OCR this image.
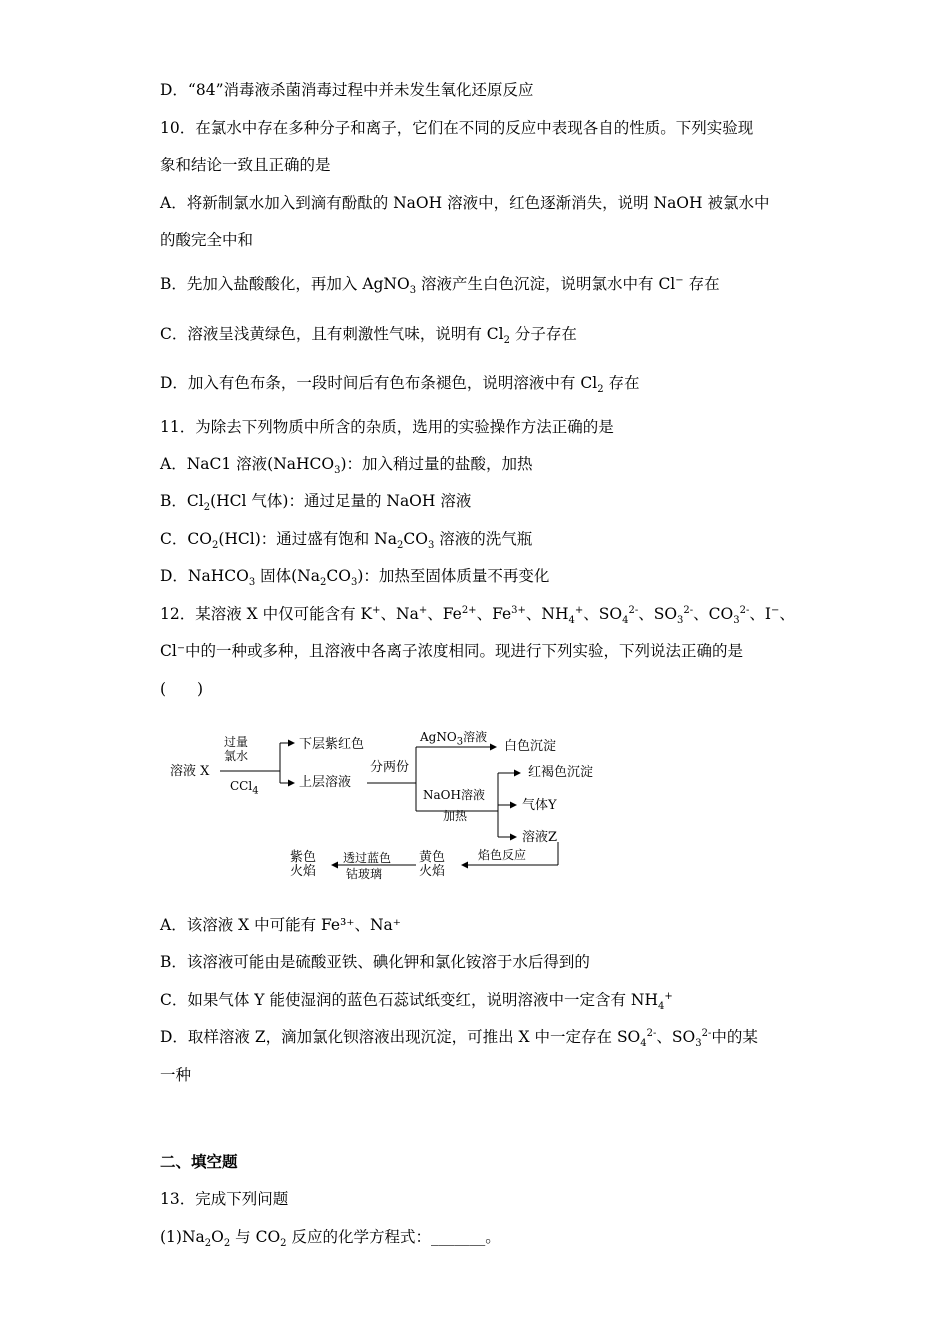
D．“84”消毒液杀菌消毒过程中并未发生氧化还原反应
10．在氯水中存在多种分子和离子，它们在不同的反应中表现各自的性质。下列实验现
象和结论一致且正确的是
A．将新制氯水加入到滴有酚酞的 NaOH 溶液中，红色逐渐消失，说明 NaOH 被氯水中
的酸完全中和
B．先加入盐酸酸化，再加入 AgNO$_3$ 溶液产生白色沉淀，说明氯水中有 Cl− 存在
C．溶液呈浅黄绿色，且有刺激性气味，说明有 $Cl_2$ 分子存在
D．加入有色布条，一段时间后有色布条褪色，说明溶液中有 $Cl_2$ 存在
11．为除去下列物质中所含的杂质，选用的实验操作方法正确的是
A．NaC1 溶液(NaHCO$_3$)：加入稍过量的盐酸，加热
B．$Cl_2(HCl$ 气体)：通过足量的 NaOH 溶液
C．$CO_2(HCl)$：通过盛有饱和 $Na_2CO_3$ 溶液的洗气瓶
D．NaHCO$_3$ 固体$(Na_2CO_3)$：加热至固体质量不再变化
12．某溶液 X 中仅可能含有 K+、Na+、$Fe^{2+}$、$Fe^{3+}$、$NH_4^+$、$SO_4^{2-}$、$SO_3^{2-}$、$CO_3^{2-}$、I−、
Cl⁻中的一种或多种，且溶液中各离子浓度相同。现进行下列实验，下列说法正确的是
(　　)
溶液 X
过量
氯水
CCl$_4$
下层紫红色
上层溶液
分两份
AgNO$_3$溶液
白色沉淀
NaOH溶液
加热
红褐色沉淀
气体Y
溶液Z
焰色反应
黄色
火焰
透过蓝色
钴玻璃
紫色
火焰
A．该溶液 X 中可能有 Fe³⁺、Na⁺
B．该溶液可能由是硫酸亚铁、碘化钾和氯化铵溶于水后得到的
C．如果气体 Y 能使湿润的蓝色石蕊试纸变红，说明溶液中一定含有 $NH_4^+$
D．取样溶液 Z，滴加氯化钡溶液出现沉淀，可推出 X 中一定存在 $SO_4^{2-}$、$SO_3^{2-}$中的某
一种
二、填空题
13．完成下列问题
$(1)Na_2O_2$ 与 $CO_2$ 反应的化学方程式：_______。
